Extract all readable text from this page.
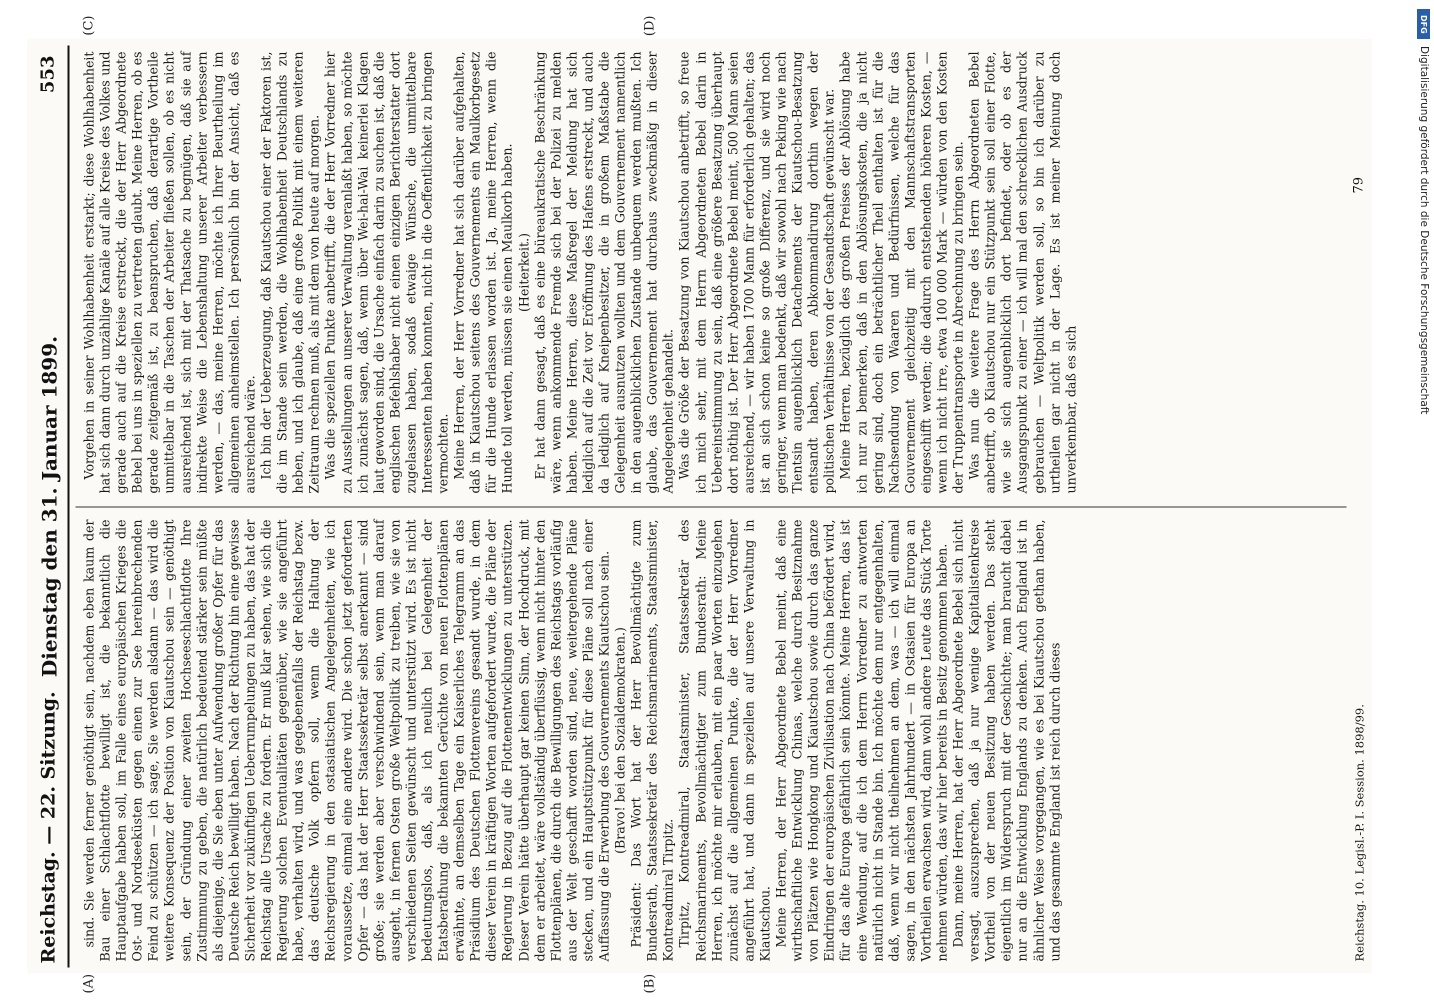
Reichstag. — 22. Sitzung.
Dienstag den 31. Januar 1899.
553
(A)	(B)
(C)	(D)

sind. Sie werden ferner genöthigt sein, nachdem eben kaum der Bau einer Schlachtflotte bewilligt ist, die bekanntlich die Hauptaufgabe haben soll, im Falle eines europäischen Krieges die Ost- und Nordseeküsten gegen einen zur See hereinbrechenden Feind zu schützen — ich sage, Sie werden alsdann — das wird die weitere Konsequenz der Position von Kiautschou sein — genöthigt sein, der Gründung einer zweiten Hochseeschlachtflotte Ihre Zustimmung zu geben, die natürlich bedeutend stärker sein müßte als diejenige, die Sie eben unter Aufwendung großer Opfer für das Deutsche Reich bewilligt haben. Nach der Richtung hin eine gewisse Sicherheit vor zukünftigen Ueberrumpelungen zu haben, das hat der Reichstag alle Ursache zu fordern. Er muß klar sehen, wie sich die Regierung solchen Eventualitäten gegenüber, wie sie angeführt habe, verhalten wird, und was gegebenenfalls der Reichstag bezw. das deutsche Volk opfern soll, wenn die Haltung der Reichsregierung in den ostasiatischen Angelegenheiten, wie ich voraussetze, einmal eine andere wird. Die schon jetzt geforderten Opfer — das hat der Herr Staatssekretär selbst anerkannt — sind große; sie werden aber verschwindend sein, wenn man darauf ausgeht, in fernen Osten große Weltpolitik zu treiben, wie sie von verschiedenen Seiten gewünscht und unterstützt wird. Es ist nicht bedeutungslos, daß, als ich neulich bei Gelegenheit der Etatsberathung die bekannten Gerüchte von neuen Flottenplänen erwähnte, an demselben Tage ein Kaiserliches Telegramm an das Präsidium des Deutschen Flottenvereins gesandt wurde, in dem dieser Verein in kräftigen Worten aufgefordert wurde, die Pläne der Regierung in Bezug auf die Flottenentwicklungen zu unterstützen. Dieser Verein hätte überhaupt gar keinen Sinn, der Hochdruck, mit dem er arbeitet, wäre vollständig überflüssig, wenn nicht hinter den Flottenplänen, die durch die Bewilligungen des Reichstags vorläufig aus der Welt geschafft worden sind, neue, weitergehende Pläne stecken, und ein Hauptstützpunkt für diese Pläne soll nach einer Auffassung die Erwerbung des Gouvernements Kiautschou sein. (Bravo! bei den Sozialdemokraten.) Präsident: Das Wort hat der Herr Bevollmächtigte zum Bundesrath, Staatssekretär des Reichsmarineamts, Staatsminister, Kontreadmiral Tirpitz. Tirpitz, Kontreadmiral, Staatsminister, Staatssekretär des Reichsmarineamts, Bevollmächtigter zum Bundesrath: Meine Herren, ich möchte mir erlauben, mit ein paar Worten einzugehen zunächst auf die allgemeinen Punkte, die der Herr Vorredner angeführt hat, und dann in speziellen auf unsere Verwaltung in Kiautschou. Meine Herren, der Herr Abgeordnete Bebel meint, daß eine wirthschaftliche Entwicklung Chinas, welche durch Besitznahme von Plätzen wie Hongkong und Kiautschou sowie durch das ganze Eindringen der europäischen Zivilisation nach China befördert wird, für das alte Europa gefährlich sein könnte. Meine Herren, das ist eine Wendung, auf die ich dem Herrn Vorredner zu antworten natürlich nicht in Stande bin. Ich möchte dem nur entgegenhalten, daß, wenn wir nicht theilnehmen an dem, was — ich will einmal sagen, in den nächsten Jahrhundert — in Ostasien für Europa an Vortheilen erwachsen wird, dann wohl andere Leute das Stück Torte nehmen würden, das wir hier bereits in Besitz genommen haben. Dann, meine Herren, hat der Herr Abgeordnete Bebel sich nicht versagt, auszusprechen, daß ja nur wenige Kapitalistenkreise Vortheil von der neuen Besitzung haben werden. Das steht eigentlich im Widerspruch mit der Geschichte; man braucht dabei nur an die Entwicklung Englands zu denken. Auch England ist in ähnlicher Weise vorgegangen, wie es bei Kiautschou gethan haben, und das gesammte England ist reich durch dieses

Vorgehen in seiner Wohlhabenheit erstarkt; diese Wohlhabenheit hat sich dann durch unzählige Kanäle auf alle Kreise des Volkes und gerade auch auf die Kreise erstreckt, die der Herr Abgeordnete Bebel bei uns in speziellen zu vertreten glaubt. Meine Herren, ob es gerade zeitgemäß ist, zu beanspruchen, daß derartige Vortheile unmittelbar in die Taschen der Arbeiter fließen sollen, ob es nicht ausreichend ist, sich mit der Thatsache zu begnügen, daß sie auf indirekte Weise die Lebenshaltung unserer Arbeiter verbessern werden, — das, meine Herren, möchte ich Ihrer Beurtheilung im allgemeinen anheimstellen. Ich persönlich bin der Ansicht, daß es ausreichend wäre. Ich bin der Ueberzeugung, daß Kiautschou einer der Faktoren ist, die im Stande sein werden, die Wohlhabenheit Deutschlands zu heben, und ich glaube, daß eine große Politik mit einem weiteren Zeitraum rechnen muß, als mit dem von heute auf morgen. Was die speziellen Punkte anbetrifft, die der Herr Vorredner hier zu Ausstellungen an unserer Verwaltung veranlaßt haben, so möchte ich zunächst sagen, daß, wenn über Wei-hai-Wai keinerlei Klagen laut geworden sind, die Ursache einfach darin zu suchen ist, daß die englischen Befehlshaber nicht einen einzigen Berichterstatter dort zugelassen haben, sodaß etwaige Wünsche, die unmittelbare Interessenten haben konnten, nicht in die Oeffentlichkeit zu bringen vermochten. Meine Herren, der Herr Vorredner hat sich darüber aufgehalten, daß in Kiautschou seitens des Gouvernements ein Maulkorbgesetz für die Hunde erlassen worden ist. Ja, meine Herren, wenn die Hunde toll werden, müssen sie einen Maulkorb haben. (Heiterkeit.) Er hat dann gesagt, daß es eine büreaukratische Beschränkung wäre, wenn ankommende Fremde sich bei der Polizei zu melden haben. Meine Herren, diese Maßregel der Meldung hat sich lediglich auf die Zeit vor Eröffnung des Hafens erstreckt, und auch da lediglich auf Kneipenbesitzer, die in großem Maßstabe die Gelegenheit ausnutzen wollten und dem Gouvernement namentlich in den augenblicklichen Zustande unbequem werden mußten. Ich glaube, das Gouvernement hat durchaus zweckmäßig in dieser Angelegenheit gehandelt. Was die Größe der Besatzung von Kiautschou anbetrifft, so freue ich mich sehr, mit dem Herrn Abgeordneten Bebel darin in Uebereinstimmung zu sein, daß eine größere Besatzung überhaupt dort nöthig ist. Der Herr Abgeordnete Bebel meint, 500 Mann seien ausreichend, — wir haben 1700 Mann für erforderlich gehalten; das ist an sich schon keine so große Differenz, und sie wird noch geringer, wenn man bedenkt, daß wir sowohl nach Peking wie nach Tientsin augenblicklich Detachements der Kiautschou-Besatzung entsandt haben, deren Abkommandirung dorthin wegen der politischen Verhältnisse von der Gesandtschaft gewünscht war. Meine Herren, bezüglich des großen Preises der Ablösung habe ich nur zu bemerken, daß in den Ablösungskosten, die ja nicht gering sind, doch ein beträchtlicher Theil enthalten ist für die Nachsendung von Waaren und Bedürfnissen, welche für das Gouvernement gleichzeitig mit den Mannschaftstransporten eingeschifft werden; die dadurch entstehenden höheren Kosten, — wenn ich nicht irre, etwa 100 000 Mark — würden von den Kosten der Truppentransporte in Abrechnung zu bringen sein. Was nun die weitere Frage des Herrn Abgeordneten Bebel anbetrifft, ob Kiautschou nur ein Stützpunkt sein soll einer Flotte, wie sie sich augenblicklich dort befindet, oder ob es der Ausgangspunkt zu einer — ich will mal den schrecklichen Ausdruck gebrauchen — Weltpolitik werden soll, so bin ich darüber zu urtheilen gar nicht in der Lage. Es ist meiner Meinung doch unverkennbar, daß es sich

Reichstag. 10. Legisl.-P. I. Session. 1898/99.
79
DFG
Digitalisierung gefördert durch die Deutsche Forschungsgemeinschaft
